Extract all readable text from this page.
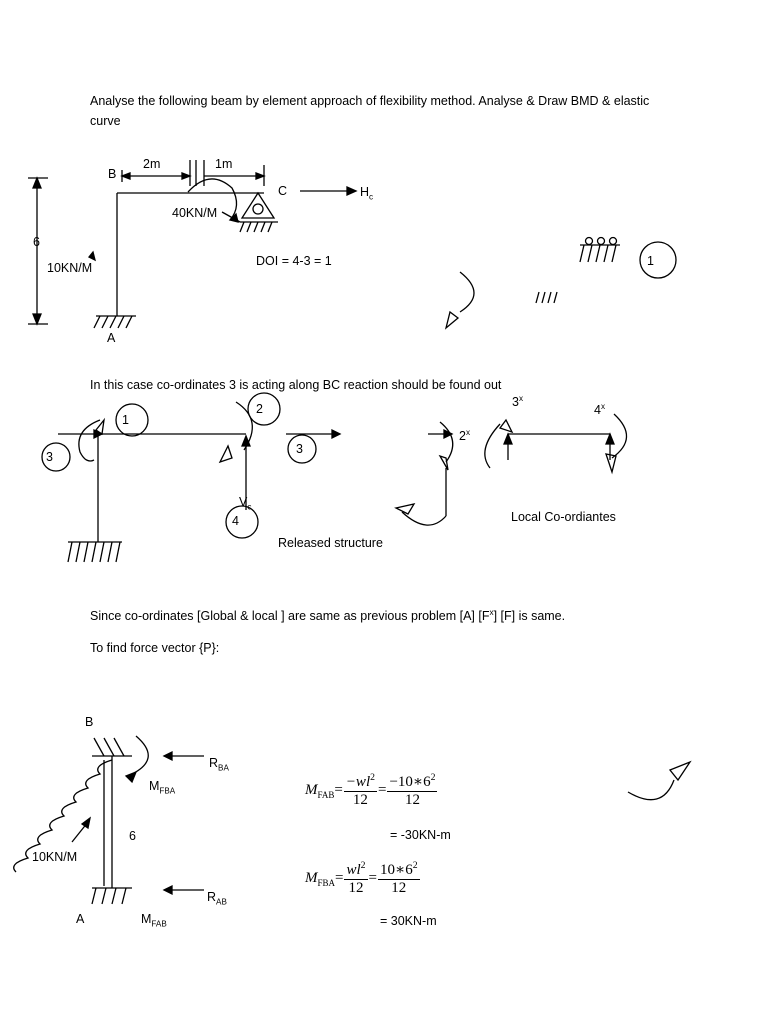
Analyse the following beam by element approach of flexibility method. Analyse & Draw BMD & elastic
curve
B
2m	1m
C	$H_c$
40KN/M
6
10KN/M	DOI = 4-3 = 1
A
1
In this case co-ordinates 3 is acting along BC reaction should be found out
1
2
3
3
$V_c$
4
Released structure
2$^x$
3$^x$
4$^x$
Local Co-ordiantes
Since co-ordinates [Global & local ] are same as previous problem [A] $[F^x]$ [F] is same.
To find force vector {P}:
B
$R_{BA}$
$M_{FBA}$
6
10KN/M
$R_{AB}$
A	$M_{FAB}$
$M_{FAB} = \frac{-wl^2}{12} = \frac{-10∗6^2}{12}$
= -30KN-m
$M_{FBA} = \frac{wl^2}{12} = \frac{10∗6^2}{12}$
= 30KN-m
